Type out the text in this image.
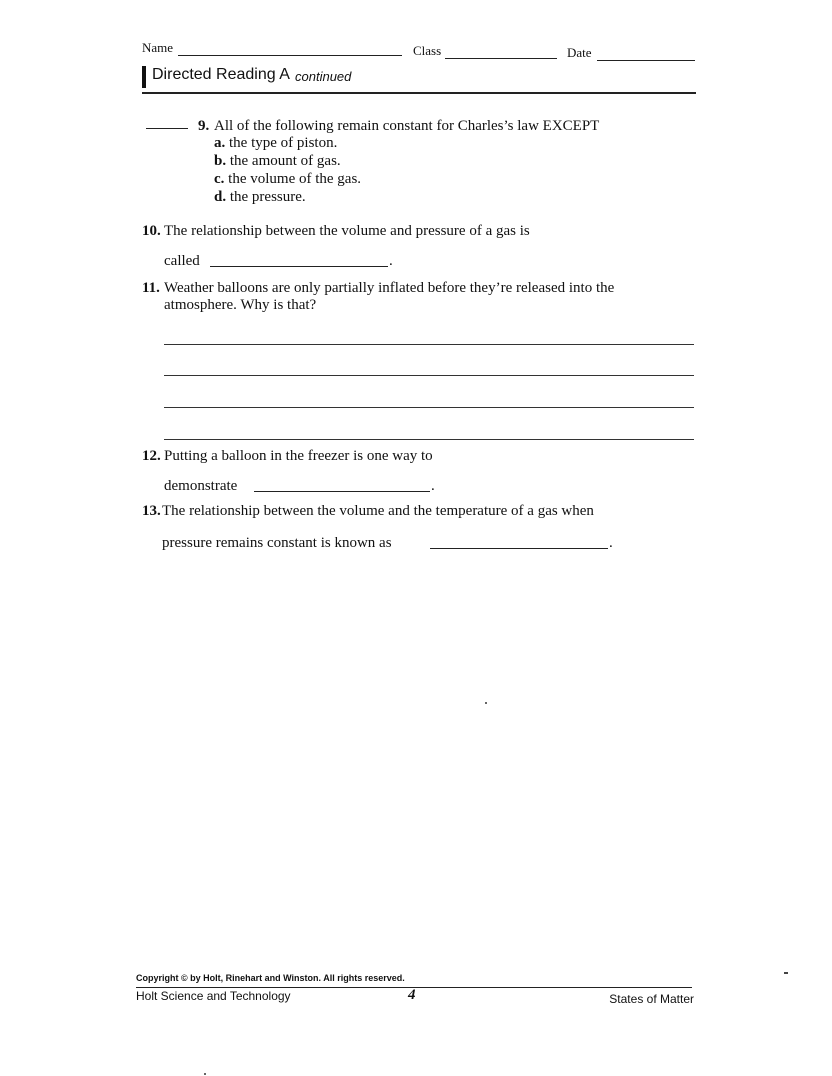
Name	Class	Date
Directed Reading A continued
9. All of the following remain constant for Charles’s law EXCEPT
a. the type of piston.
b. the amount of gas.
c. the volume of the gas.
d. the pressure.
10. The relationship between the volume and pressure of a gas is
called	.
11. Weather balloons are only partially inflated before they’re released into the
atmosphere. Why is that?
12. Putting a balloon in the freezer is one way to
demonstrate	.
13. The relationship between the volume and the temperature of a gas when
pressure remains constant is known as	.
Copyright © by Holt, Rinehart and Winston. All rights reserved.
Holt Science and Technology	4	States of Matter
